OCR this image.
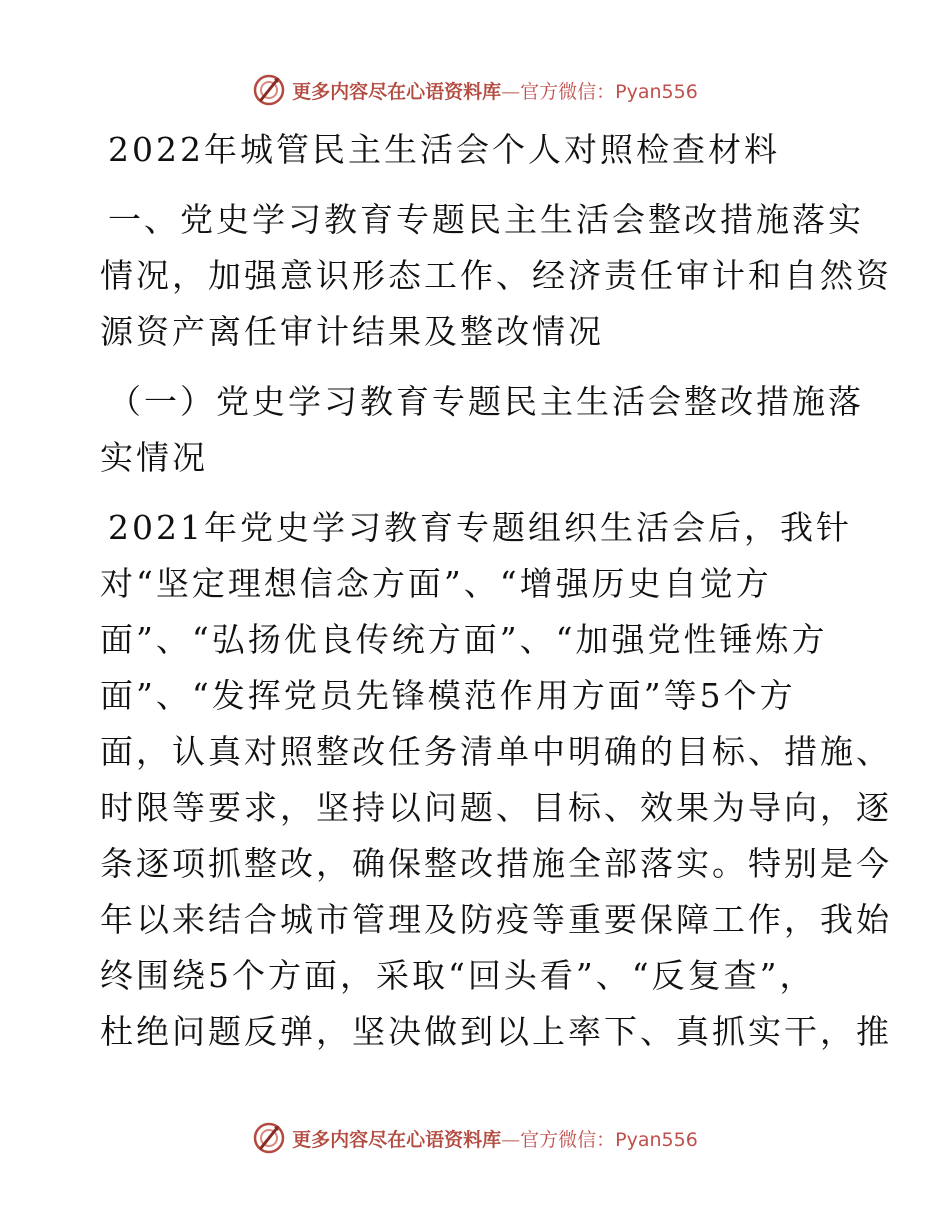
更多内容尽在心语资料库—官方微信：Pyan556
2022年城管民主生活会个人对照检查材料
一、党史学习教育专题民主生活会整改措施落实
情况，加强意识形态工作、经济责任审计和自然资
源资产离任审计结果及整改情况
（一）党史学习教育专题民主生活会整改措施落
实情况
2021年党史学习教育专题组织生活会后，我针
对“坚定理想信念方面”、“增强历史自觉方
面”、“弘扬优良传统方面”、“加强党性锤炼方
面”、“发挥党员先锋模范作用方面”等5个方
面，认真对照整改任务清单中明确的目标、措施、
时限等要求，坚持以问题、目标、效果为导向，逐
条逐项抓整改，确保整改措施全部落实。特别是今
年以来结合城市管理及防疫等重要保障工作，我始
终围绕5个方面，采取“回头看”、“反复查”，
杜绝问题反弹，坚决做到以上率下、真抓实干，推
更多内容尽在心语资料库—官方微信：Pyan556
